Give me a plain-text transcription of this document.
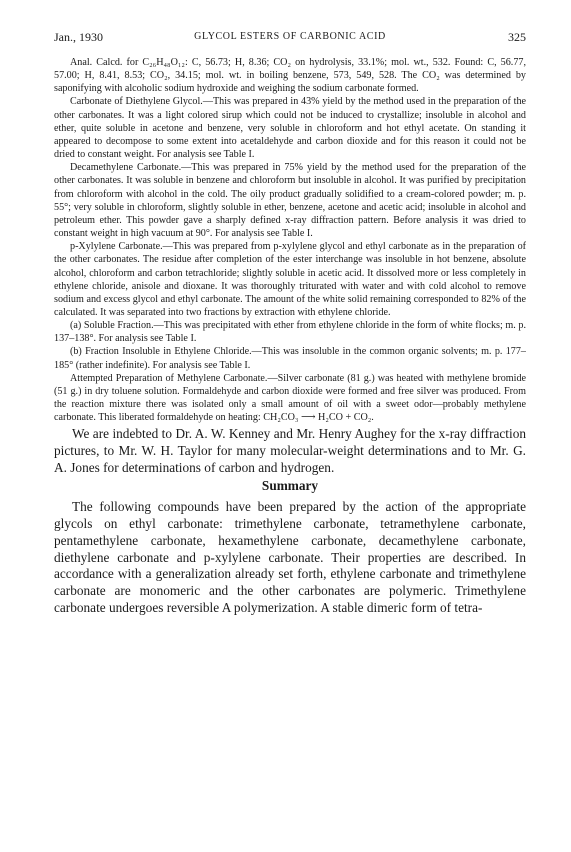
Jan., 1930	GLYCOL ESTERS OF CARBONIC ACID	325

Anal. Calcd. for C₂₆H₄₈O₁₂: C, 56.73; H, 8.36; CO₂ on hydrolysis, 33.1%; mol. wt., 532. Found: C, 56.77, 57.00; H, 8.41, 8.53; CO₂, 34.15; mol. wt. in boiling benzene, 573, 549, 528. The CO₂ was determined by saponifying with alcoholic sodium hydroxide and weighing the sodium carbonate formed.

Carbonate of Diethylene Glycol.—This was prepared in 43% yield by the method used in the preparation of the other carbonates. It was a light colored sirup which could not be induced to crystallize; insoluble in alcohol and ether, quite soluble in acetone and benzene, very soluble in chloroform and hot ethyl acetate. On standing it appeared to decompose to some extent into acetaldehyde and carbon dioxide and for this reason it could not be dried to constant weight. For analysis see Table I.

Decamethylene Carbonate.—This was prepared in 75% yield by the method used for the preparation of the other carbonates. It was soluble in benzene and chloroform but insoluble in alcohol. It was purified by precipitation from chloroform with alcohol in the cold. The oily product gradually solidified to a cream-colored powder; m. p. 55°; very soluble in chloroform, slightly soluble in ether, benzene, acetone and acetic acid; insoluble in alcohol and petroleum ether. This powder gave a sharply defined x-ray diffraction pattern. Before analysis it was dried to constant weight in high vacuum at 90°. For analysis see Table I.

p-Xylylene Carbonate.—This was prepared from p-xylylene glycol and ethyl carbonate as in the preparation of the other carbonates. The residue after completion of the ester interchange was insoluble in hot benzene, absolute alcohol, chloroform and carbon tetrachloride; slightly soluble in acetic acid. It dissolved more or less completely in ethylene chloride, anisole and dioxane. It was thoroughly triturated with water and with cold alcohol to remove sodium and excess glycol and ethyl carbonate. The amount of the white solid remaining corresponded to 82% of the calculated. It was separated into two fractions by extraction with ethylene chloride.

(a) Soluble Fraction.—This was precipitated with ether from ethylene chloride in the form of white flocks; m. p. 137–138°. For analysis see Table I.

(b) Fraction Insoluble in Ethylene Chloride.—This was insoluble in the common organic solvents; m. p. 177–185° (rather indefinite). For analysis see Table I.

Attempted Preparation of Methylene Carbonate.—Silver carbonate (81 g.) was heated with methylene bromide (51 g.) in dry toluene solution. Formaldehyde and carbon dioxide were formed and free silver was produced. From the reaction mixture there was isolated only a small amount of oil with a sweet odor—probably methylene carbonate. This liberated formaldehyde on heating: CH₂CO₃ ⟶ H₂CO + CO₂.

We are indebted to Dr. A. W. Kenney and Mr. Henry Aughey for the x-ray diffraction pictures, to Mr. W. H. Taylor for many molecular-weight determinations and to Mr. G. A. Jones for determinations of carbon and hydrogen.

Summary

The following compounds have been prepared by the action of the appropriate glycols on ethyl carbonate: trimethylene carbonate, tetramethylene carbonate, pentamethylene carbonate, hexamethylene carbonate, decamethylene carbonate, diethylene carbonate and p-xylylene carbonate. Their properties are described. In accordance with a generalization already set forth, ethylene carbonate and trimethylene carbonate are monomeric and the other carbonates are polymeric. Trimethylene carbonate undergoes reversible A polymerization. A stable dimeric form of tetra-
